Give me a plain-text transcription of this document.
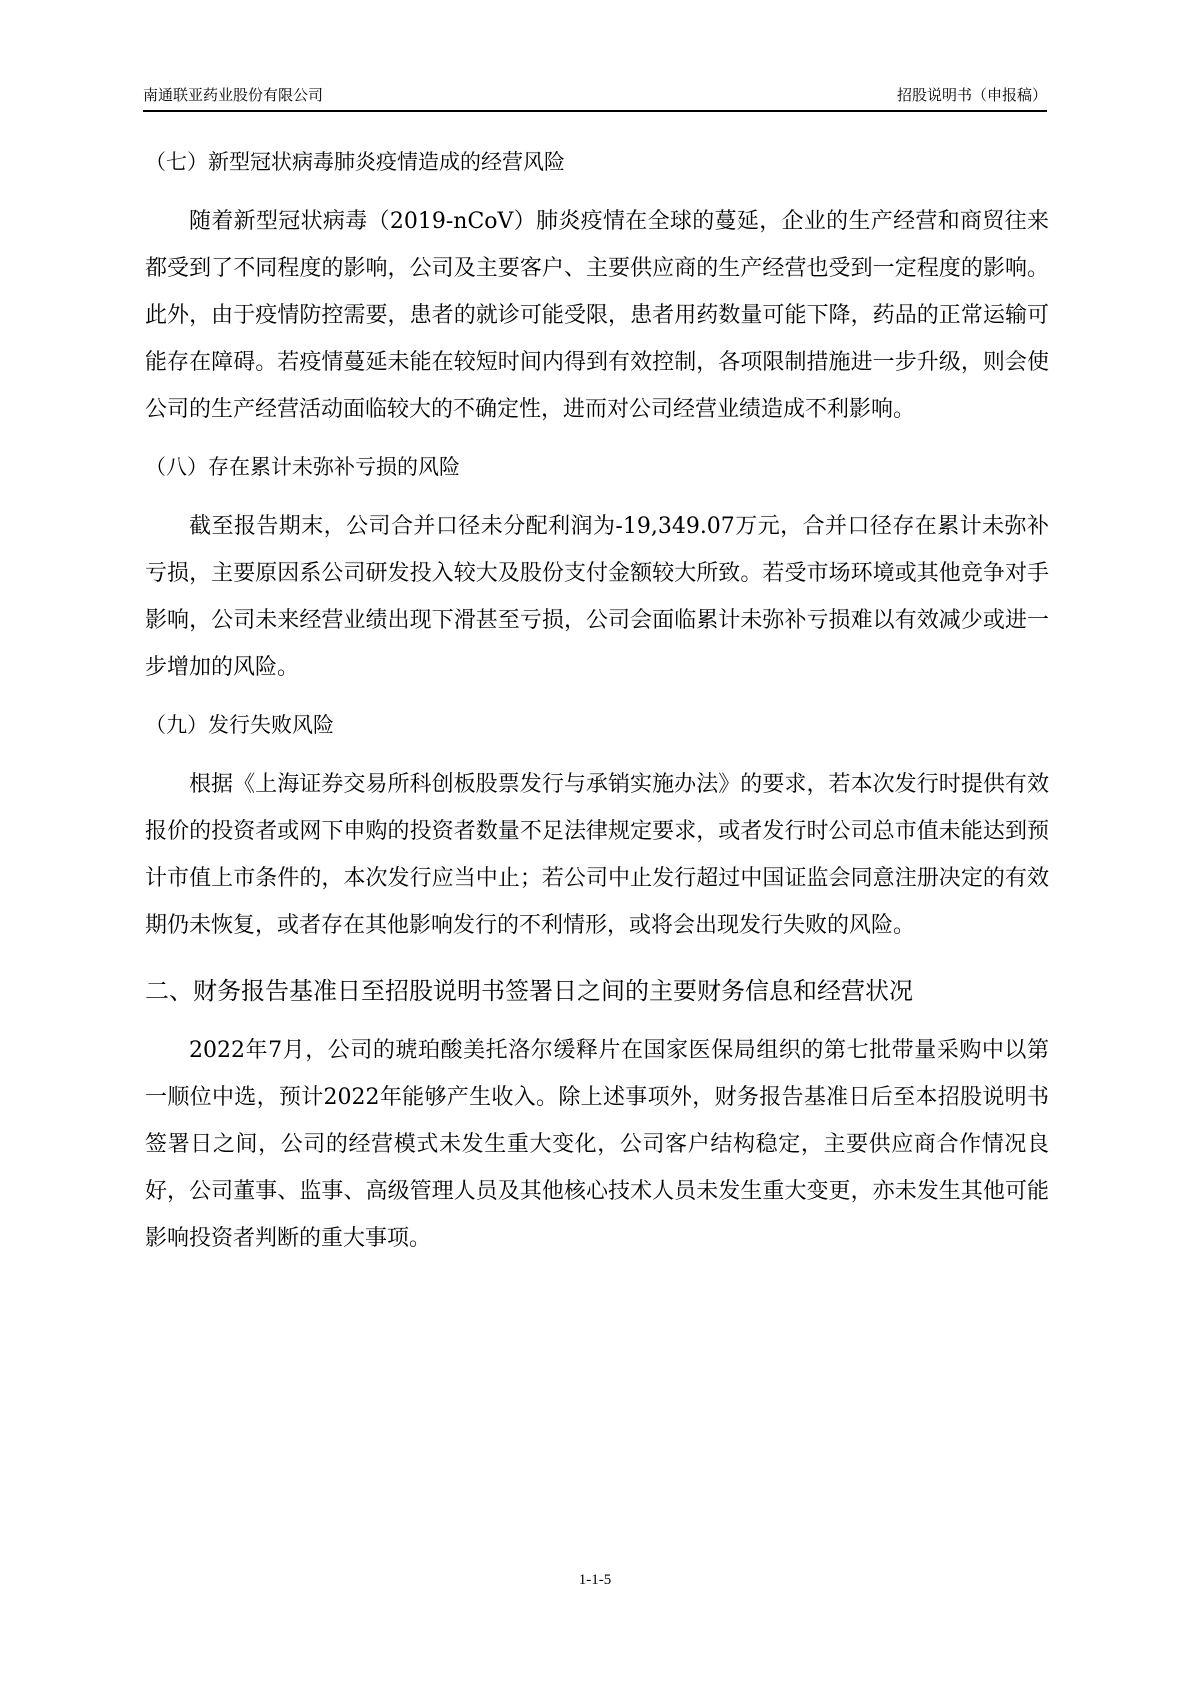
南通联亚药业股份有限公司	招股说明书（申报稿）
（七）新型冠状病毒肺炎疫情造成的经营风险

随着新型冠状病毒（2019-nCoV）肺炎疫情在全球的蔓延，企业的生产经营和商贸往来都受到了不同程度的影响，公司及主要客户、主要供应商的生产经营也受到一定程度的影响。此外，由于疫情防控需要，患者的就诊可能受限，患者用药数量可能下降，药品的正常运输可能存在障碍。若疫情蔓延未能在较短时间内得到有效控制，各项限制措施进一步升级，则会使公司的生产经营活动面临较大的不确定性，进而对公司经营业绩造成不利影响。

（八）存在累计未弥补亏损的风险

截至报告期末，公司合并口径未分配利润为-19,349.07万元，合并口径存在累计未弥补亏损，主要原因系公司研发投入较大及股份支付金额较大所致。若受市场环境或其他竞争对手影响，公司未来经营业绩出现下滑甚至亏损，公司会面临累计未弥补亏损难以有效减少或进一步增加的风险。

（九）发行失败风险

根据《上海证券交易所科创板股票发行与承销实施办法》的要求，若本次发行时提供有效报价的投资者或网下申购的投资者数量不足法律规定要求，或者发行时公司总市值未能达到预计市值上市条件的，本次发行应当中止；若公司中止发行超过中国证监会同意注册决定的有效期仍未恢复，或者存在其他影响发行的不利情形，或将会出现发行失败的风险。

二、财务报告基准日至招股说明书签署日之间的主要财务信息和经营状况

2022年7月，公司的琥珀酸美托洛尔缓释片在国家医保局组织的第七批带量采购中以第一顺位中选，预计2022年能够产生收入。除上述事项外，财务报告基准日后至本招股说明书签署日之间，公司的经营模式未发生重大变化，公司客户结构稳定，主要供应商合作情况良好，公司董事、监事、高级管理人员及其他核心技术人员未发生重大变更，亦未发生其他可能影响投资者判断的重大事项。

1-1-5
